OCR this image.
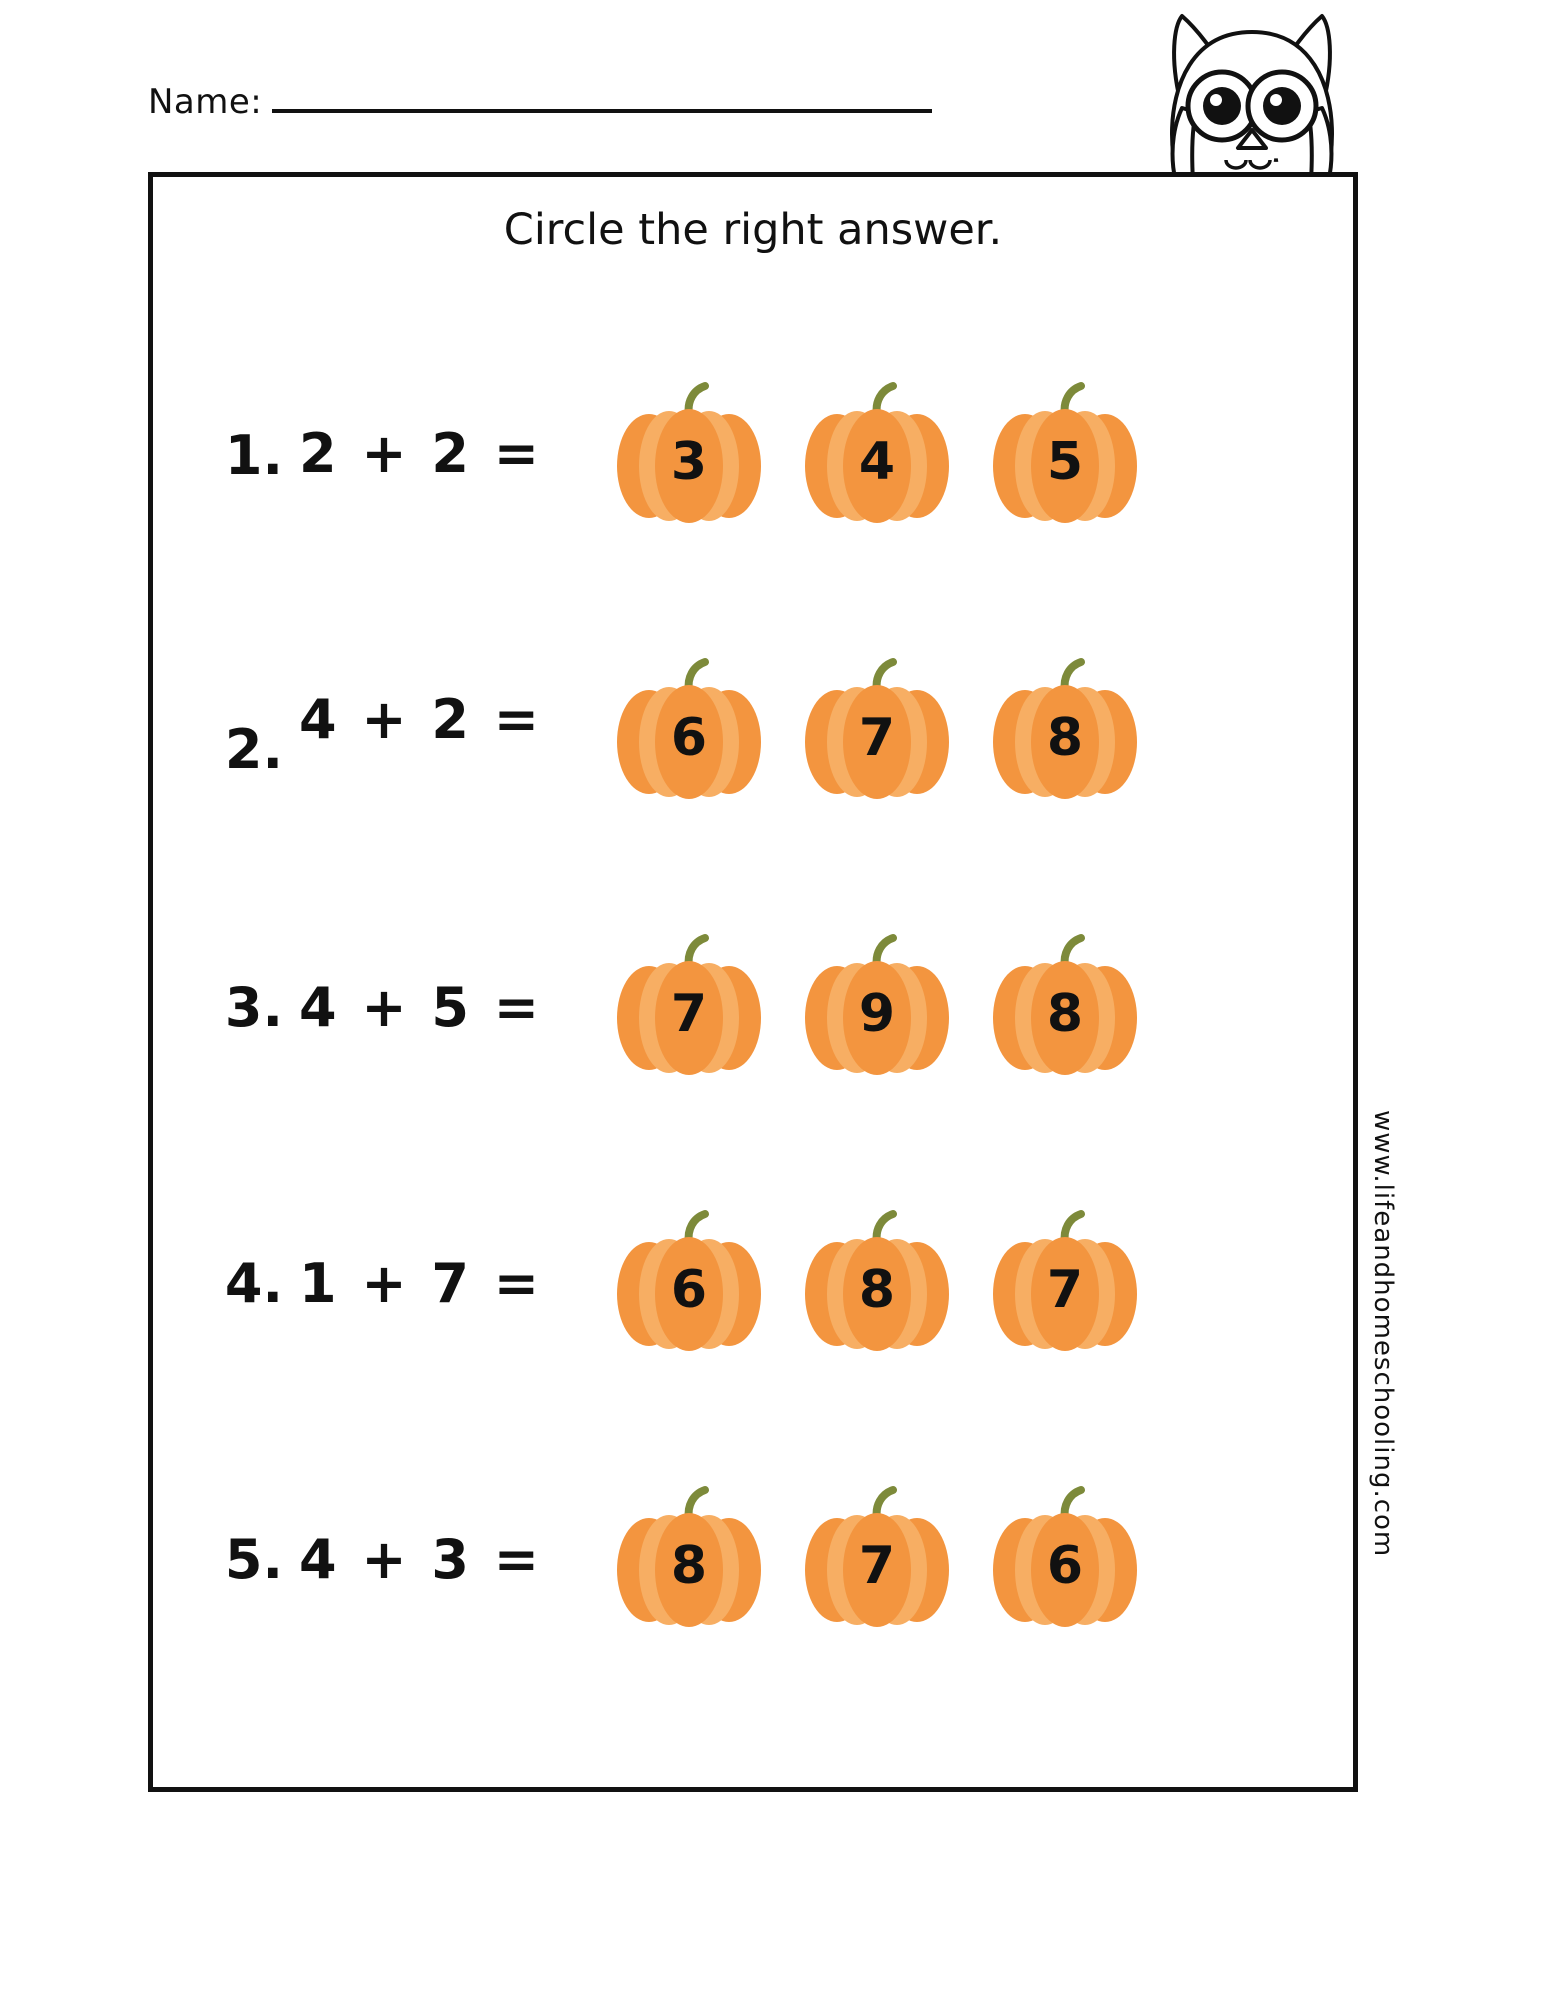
Name:
Circle the right answer.
1. 2 + 2 =	3	4	5
2. 4 + 2 =	6	7	8
3. 4 + 5 =	7	9	8
4. 1 + 7 =	6	8	7
5. 4 + 3 =	8	7	6
www.lifeandhomeschooling.com
